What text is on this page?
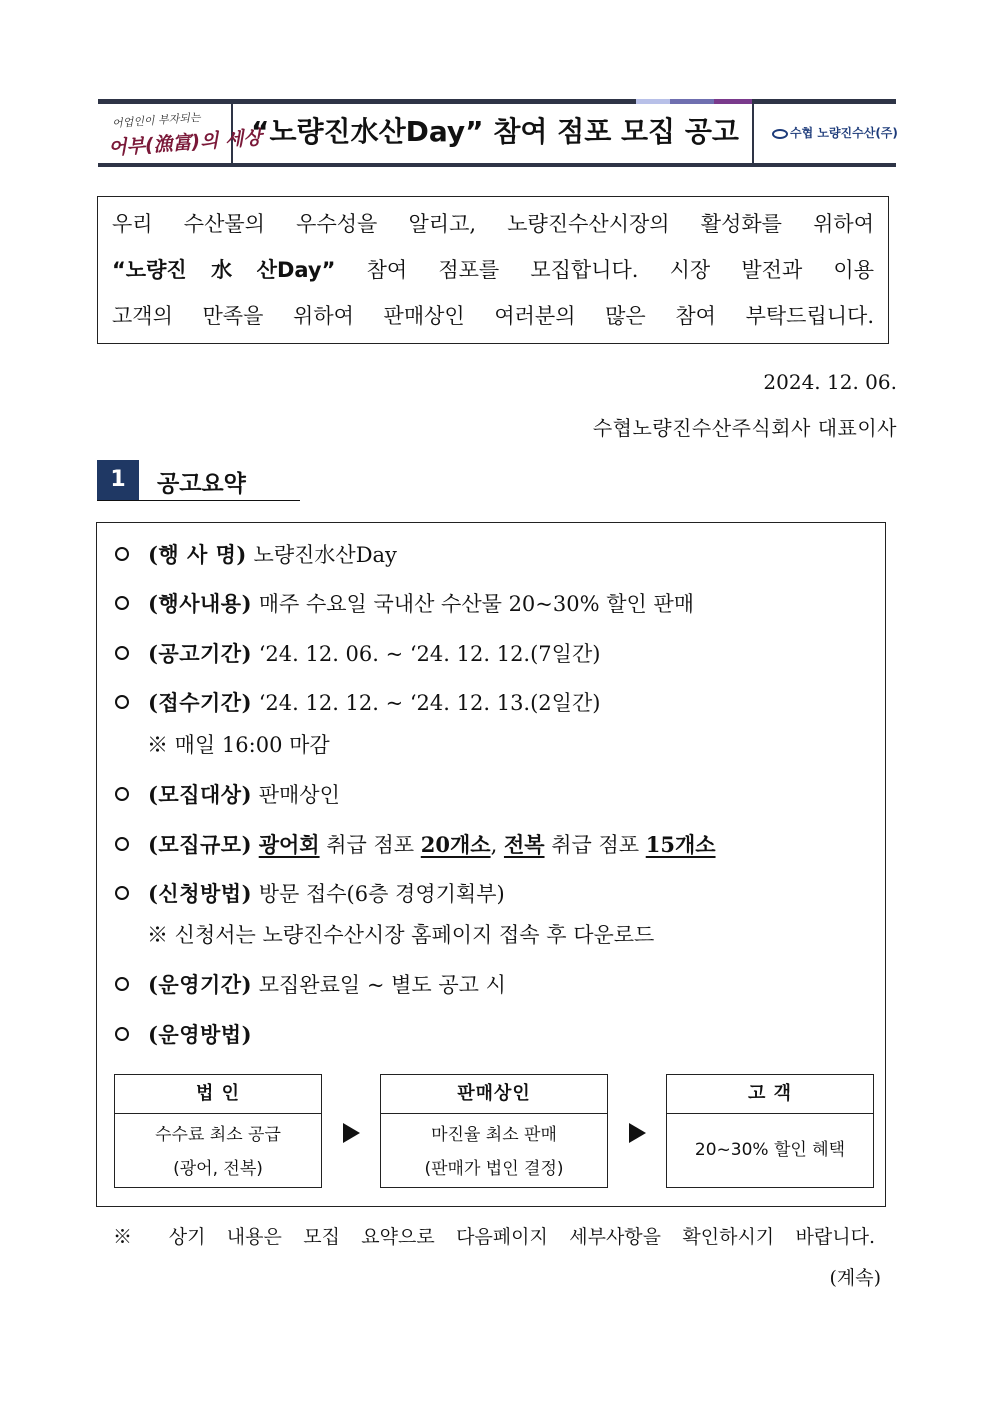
어업인이 부자되는
어부(漁富)의 세상
“노량진水산Day” 참여 점포 모집 공고	수협 노량진수산(주)
우리 수산물의 우수성을 알리고, 노량진수산시장의 활성화를 위하여
“노량진水산Day” 참여 점포를 모집합니다. 시장 발전과 이용
고객의 만족을 위하여 판매상인 여러분의 많은 참여 부탁드립니다.
2024. 12. 06.
수협노량진수산주식회사 대표이사
1	공고요약
(행 사 명) 노량진水산Day
(행사내용) 매주 수요일 국내산 수산물 20~30% 할인 판매
(공고기간) ‘24. 12. 06. ~ ‘24. 12. 12.(7일간)
(접수기간) ‘24. 12. 12. ~ ‘24. 12. 13.(2일간)
※ 매일 16:00 마감
(모집대상) 판매상인
(모집규모) 광어회 취급 점포 20개소, 전복 취급 점포 15개소
(신청방법) 방문 접수(6층 경영기획부)
※ 신청서는 노량진수산시장 홈페이지 접속 후 다운로드
(운영기간) 모집완료일 ~ 별도 공고 시
(운영방법)
법 인
수수료 최소 공급
(광어, 전복)
판매상인
마진율 최소 판매
(판매가 법인 결정)
고 객
20~30% 할인 혜택
※ 상기 내용은 모집 요약으로 다음페이지 세부사항을 확인하시기 바랍니다.
(계속)
